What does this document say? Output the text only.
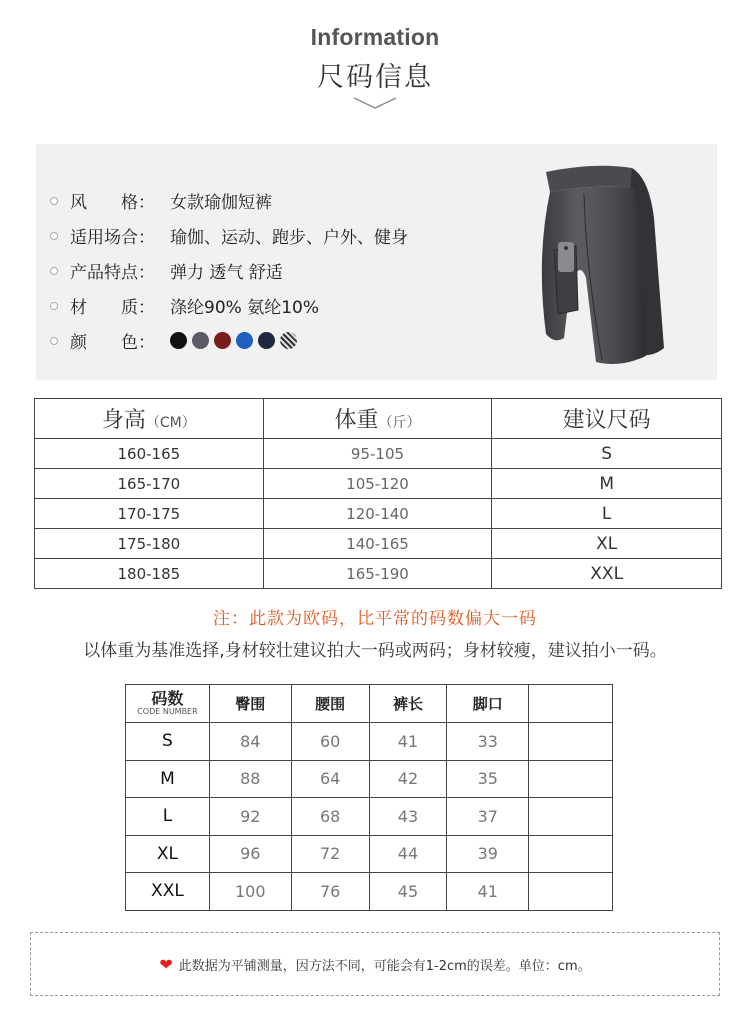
Information
尺码信息
风　　格： 女款瑜伽短裤
适用场合： 瑜伽、运动、跑步、户外、健身
产品特点： 弹力 透气 舒适
材　　质： 涤纶90% 氨纶10%
颜　　色：
身高（CM）	体重（斤）	建议尺码
160-165	95-105	S
165-170	105-120	M
170-175	120-140	L
175-180	140-165	XL
180-185	165-190	XXL
注：此款为欧码，比平常的码数偏大一码
以体重为基准选择,身材较壮建议拍大一码或两码；身材较瘦，建议拍小一码。
码数
CODE NUMBER	臀围	腰围	裤长	脚口	
S	84	60	41	33	
M	88	64	42	35	
L	92	68	43	37	
XL	96	72	44	39	
XXL	100	76	45	41	
❤ 此数据为平铺测量，因方法不同，可能会有1-2cm的误差。单位：cm。
